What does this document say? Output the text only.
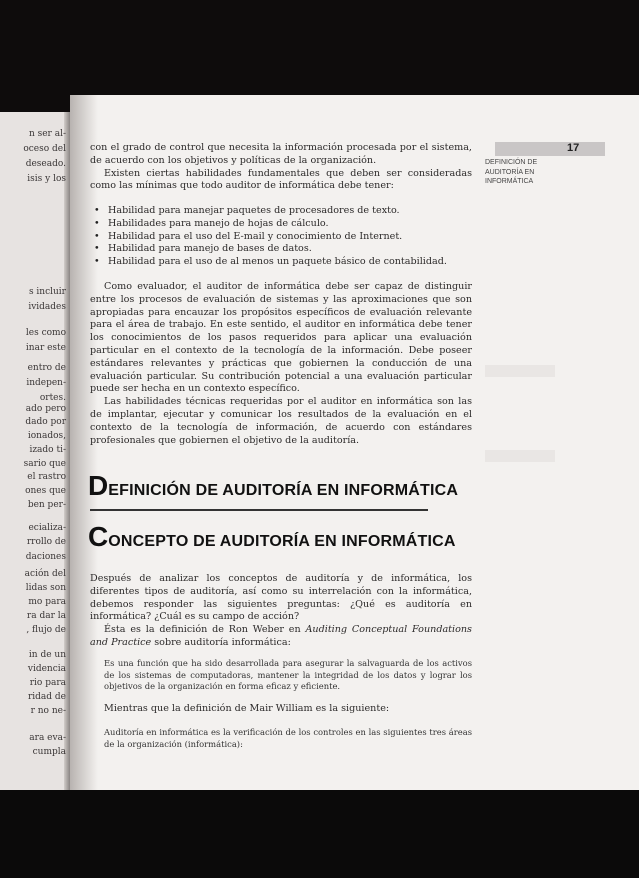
n ser al-
oceso del
deseado.
isis y los
s incluir
ividades
les como
inar este
entro de
indepen-
ortes.
ado pero
dado por
ionados,
izado ti-
sario que
el rastro
ones que
ben per-
ecializa-
rrollo de
daciones
ación del
lidas son
mo para
ra dar la
, flujo de
in de un
videncia
rio para
ridad de
r no ne-
ara eva-
cumpla
17
DEFINICIÓN DE
AUDITORÍA EN
INFORMÁTICA

con el grado de control que necesita la información procesada por el sistema, de acuerdo con los objetivos y políticas de la organización.

Existen ciertas habilidades fundamentales que deben ser consideradas como las mínimas que todo auditor de informática debe tener:

• Habilidad para manejar paquetes de procesadores de texto.
• Habilidades para manejo de hojas de cálculo.
• Habilidad para el uso del E-mail y conocimiento de Internet.
• Habilidad para manejo de bases de datos.
• Habilidad para el uso de al menos un paquete básico de contabilidad.

Como evaluador, el auditor de informática debe ser capaz de distinguir entre los procesos de evaluación de sistemas y las aproximaciones que son apropiadas para encauzar los propósitos específicos de evaluación relevante para el área de trabajo. En este sentido, el auditor en informática debe tener los conocimientos de los pasos requeridos para aplicar una evaluación particular en el contexto de la tecnología de la información. Debe poseer estándares relevantes y prácticas que gobiernen la conducción de una evaluación particular. Su contribución potencial a una evaluación particular puede ser hecha en un contexto específico.

Las habilidades técnicas requeridas por el auditor en informática son las de implantar, ejecutar y comunicar los resultados de la evaluación en el contexto de la tecnología de información, de acuerdo con estándares profesionales que gobiernen el objetivo de la auditoría.

DEFINICIÓN DE AUDITORÍA EN INFORMÁTICA
CONCEPTO DE AUDITORÍA EN INFORMÁTICA

Después de analizar los conceptos de auditoría y de informática, los diferentes tipos de auditoría, así como su interrelación con la informática, debemos responder las siguientes preguntas: ¿Qué es auditoría en informática? ¿Cuál es su campo de acción?

Ésta es la definición de Ron Weber en Auditing Conceptual Foundations and Practice sobre auditoría informática:

Es una función que ha sido desarrollada para asegurar la salvaguarda de los activos de los sistemas de computadoras, mantener la integridad de los datos y lograr los objetivos de la organización en forma eficaz y eficiente.
Mientras que la definición de Mair William es la siguiente:
Auditoría en informática es la verificación de los controles en las siguientes tres áreas de la organización (informática):
